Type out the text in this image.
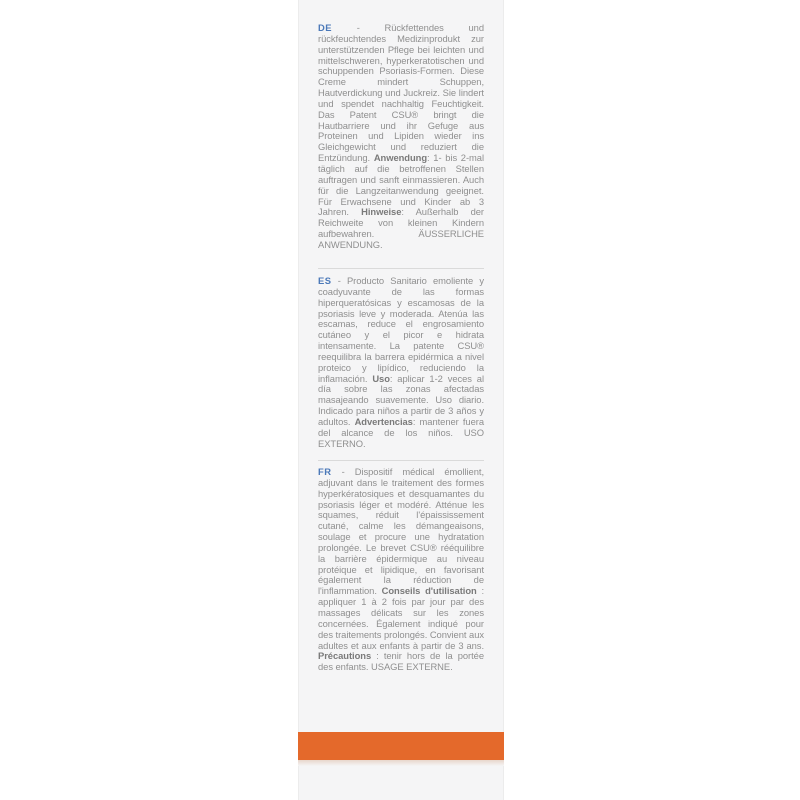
DE - Rückfettendes und rückfeuchtendes Medizinprodukt zur unterstützenden Pflege bei leichten und mittelschweren, hyperkeratotischen und schuppenden Psoriasis-Formen. Diese Creme mindert Schuppen, Hautverdickung und Juckreiz. Sie lindert und spendet nachhaltig Feuchtigkeit. Das Patent CSU® bringt die Hautbarriere und ihr Gefuge aus Proteinen und Lipiden wieder ins Gleichgewicht und reduziert die Entzündung. Anwendung: 1- bis 2-mal täglich auf die betroffenen Stellen auftragen und sanft einmassieren. Auch für die Langzeitanwendung geeignet. Für Erwachsene und Kinder ab 3 Jahren. Hinweise: Außerhalb der Reichweite von kleinen Kindern aufbewahren. ÄUSSERLICHE ANWENDUNG.

ES - Producto Sanitario emoliente y coadyuvante de las formas hiperqueratósicas y escamosas de la psoriasis leve y moderada. Atenúa las escamas, reduce el engrosamiento cutáneo y el picor e hidrata intensamente. La patente CSU® reequilibra la barrera epidérmica a nivel proteico y lipídico, reduciendo la inflamación. Uso: aplicar 1-2 veces al día sobre las zonas afectadas masajeando suavemente. Uso diario. Indicado para niños a partir de 3 años y adultos. Advertencias: mantener fuera del alcance de los niños. USO EXTERNO.

FR - Dispositif médical émollient, adjuvant dans le traitement des formes hyperkératosiques et desquamantes du psoriasis léger et modéré. Atténue les squames, réduit l'épaississement cutané, calme les démangeaisons, soulage et procure une hydratation prolongée. Le brevet CSU® rééquilibre la barrière épidermique au niveau protéique et lipidique, en favorisant également la réduction de l'inflammation. Conseils d'utilisation : appliquer 1 à 2 fois par jour par des massages délicats sur les zones concernées. Également indiqué pour des traitements prolongés. Convient aux adultes et aux enfants à partir de 3 ans. Précautions : tenir hors de la portée des enfants. USAGE EXTERNE.
